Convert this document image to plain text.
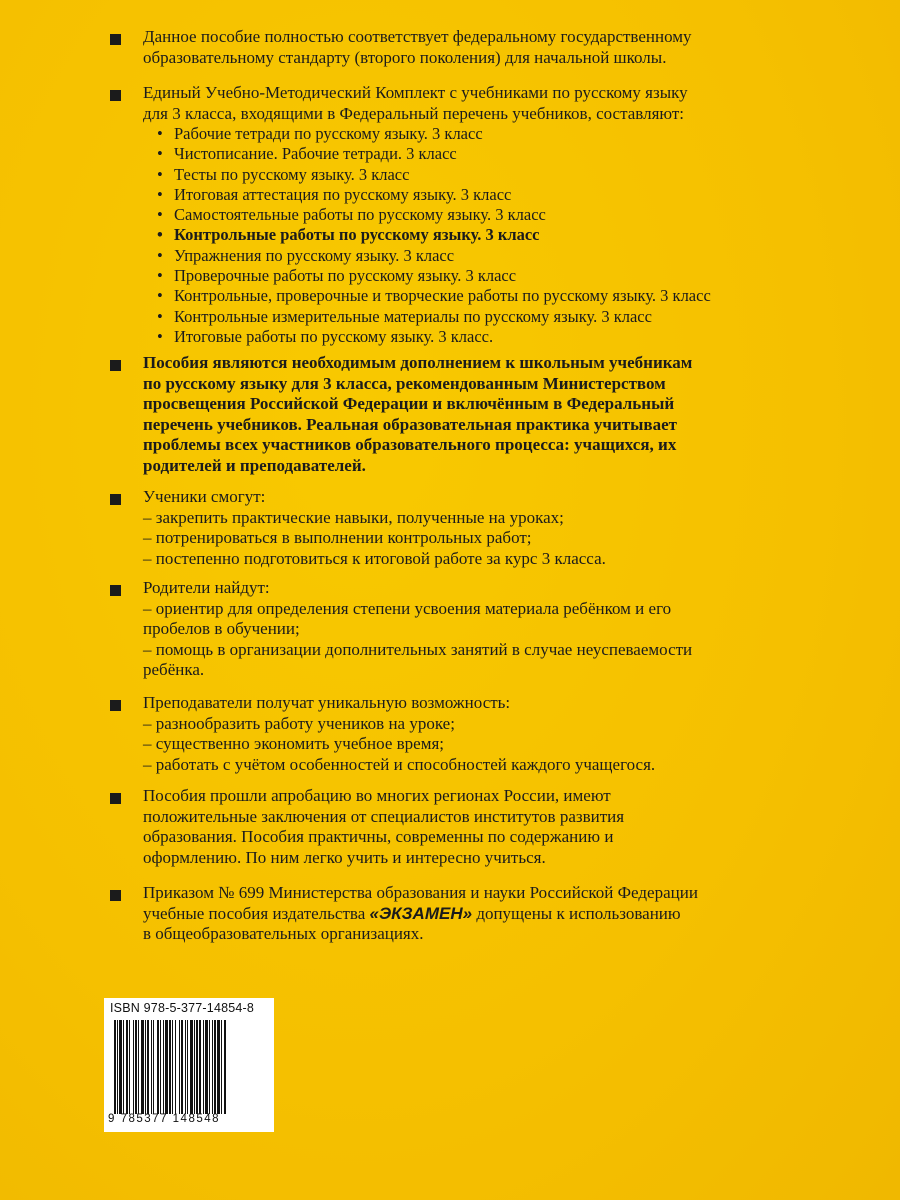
Данное пособие полностью соответствует федеральному государственному

образовательному стандарту (второго поколения) для начальной школы.

Единый Учебно-Методический Комплект с учебниками по русскому языку

для 3 класса, входящими в Федеральный перечень учебников, составляют:

• Рабочие тетради по русскому языку. 3 класс
• Чистописание. Рабочие тетради. 3 класс
• Тесты по русскому языку. 3 класс
• Итоговая аттестация по русскому языку. 3 класс
• Самостоятельные работы по русскому языку. 3 класс
• Контрольные работы по русскому языку. 3 класс
• Упражнения по русскому языку. 3 класс
• Проверочные работы по русскому языку. 3 класс
• Контрольные, проверочные и творческие работы по русскому языку. 3 класс
• Контрольные измерительные материалы по русскому языку. 3 класс
• Итоговые работы по русскому языку. 3 класс.

Пособия являются необходимым дополнением к школьным учебникам

по русскому языку для 3 класса, рекомендованным Министерством

просвещения Российской Федерации и включённым в Федеральный

перечень учебников. Реальная образовательная практика учитывает

проблемы всех участников образовательного процесса: учащихся, их

родителей и преподавателей.

Ученики смогут:

– закрепить практические навыки, полученные на уроках;

– потренироваться в выполнении контрольных работ;

– постепенно подготовиться к итоговой работе за курс 3 класса.

Родители найдут:

– ориентир для определения степени усвоения материала ребёнком и его

пробелов в обучении;

– помощь в организации дополнительных занятий в случае неуспеваемости

ребёнка.

Преподаватели получат уникальную возможность:

– разнообразить работу учеников на уроке;

– существенно экономить учебное время;

– работать с учётом особенностей и способностей каждого учащегося.

Пособия прошли апробацию во многих регионах России, имеют

положительные заключения от специалистов институтов развития

образования. Пособия практичны, современны по содержанию и

оформлению. По ним легко учить и интересно учиться.

Приказом № 699 Министерства образования и науки Российской Федерации

учебные пособия издательства «ЭКЗАМЕН» допущены к использованию

в общеобразовательных организациях.

ISBN 978-5-377-14854-8
9 785377 148548
